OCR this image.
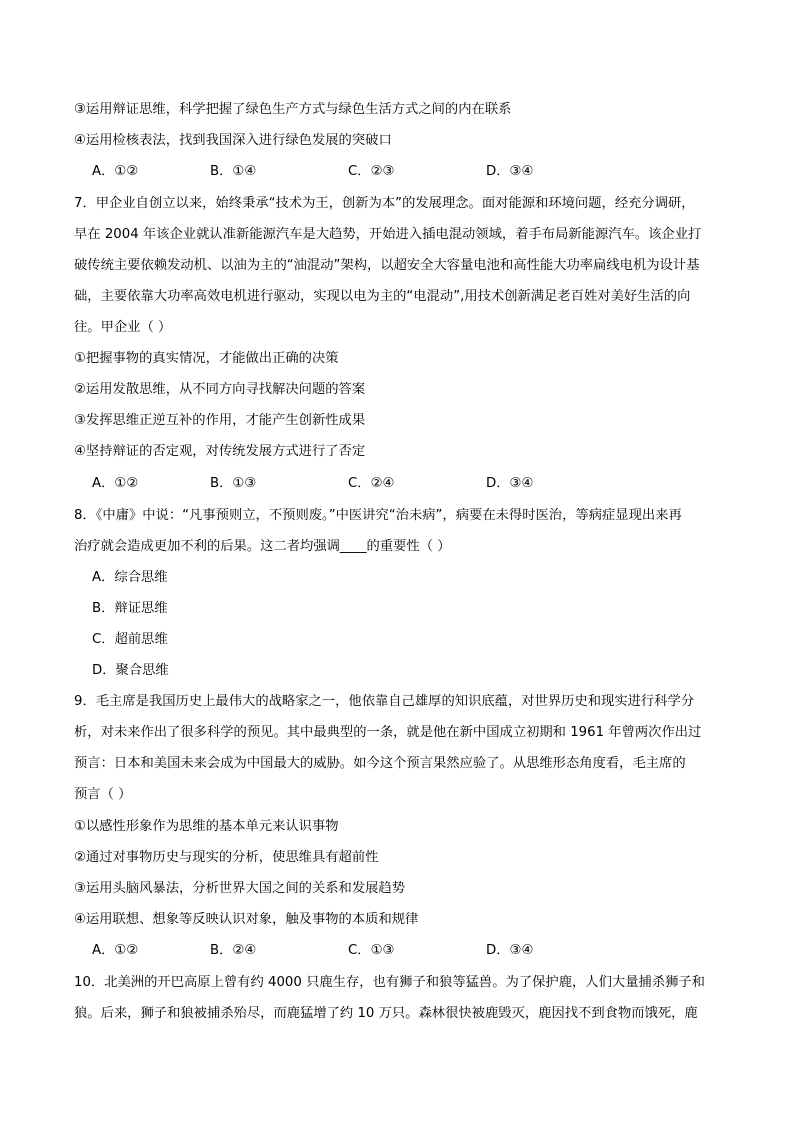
③运用辩证思维，科学把握了绿色生产方式与绿色生活方式之间的内在联系
④运用检核表法，找到我国深入进行绿色发展的突破口
A．①②	B．①④	C．②③	D．③④
7．甲企业自创立以来，始终秉承“技术为王，创新为本”的发展理念。面对能源和环境问题，经充分调研，
早在 2004 年该企业就认准新能源汽车是大趋势，开始进入插电混动领域，着手布局新能源汽车。该企业打
破传统主要依赖发动机、以油为主的“油混动”架构，以超安全大容量电池和高性能大功率扁线电机为设计基
础，主要依靠大功率高效电机进行驱动，实现以电为主的“电混动”,用技术创新满足老百姓对美好生活的向
往。甲企业（ ）
①把握事物的真实情况，才能做出正确的决策
②运用发散思维，从不同方向寻找解决问题的答案
③发挥思维正逆互补的作用，才能产生创新性成果
④坚持辩证的否定观，对传统发展方式进行了否定
A．①②	B．①③	C．②④	D．③④
8．《中庸》中说：“凡事预则立，不预则废。”中医讲究“治未病”，病要在未得时医治，等病症显现出来再
治疗就会造成更加不利的后果。这二者均强调____的重要性（ ）
A．综合思维
B．辩证思维
C．超前思维
D．聚合思维
9．毛主席是我国历史上最伟大的战略家之一，他依靠自己雄厚的知识底蕴，对世界历史和现实进行科学分
析，对未来作出了很多科学的预见。其中最典型的一条，就是他在新中国成立初期和 1961 年曾两次作出过
预言：日本和美国未来会成为中国最大的威胁。如今这个预言果然应验了。从思维形态角度看，毛主席的
预言（ ）
①以感性形象作为思维的基本单元来认识事物
②通过对事物历史与现实的分析，使思维具有超前性
③运用头脑风暴法，分析世界大国之间的关系和发展趋势
④运用联想、想象等反映认识对象，触及事物的本质和规律
A．①②	B．②④	C．①③	D．③④
10．北美洲的开巴高原上曾有约 4000 只鹿生存，也有狮子和狼等猛兽。为了保护鹿，人们大量捕杀狮子和
狼。后来，狮子和狼被捕杀殆尽，而鹿猛增了约 10 万只。森林很快被鹿毁灭，鹿因找不到食物而饿死，鹿
